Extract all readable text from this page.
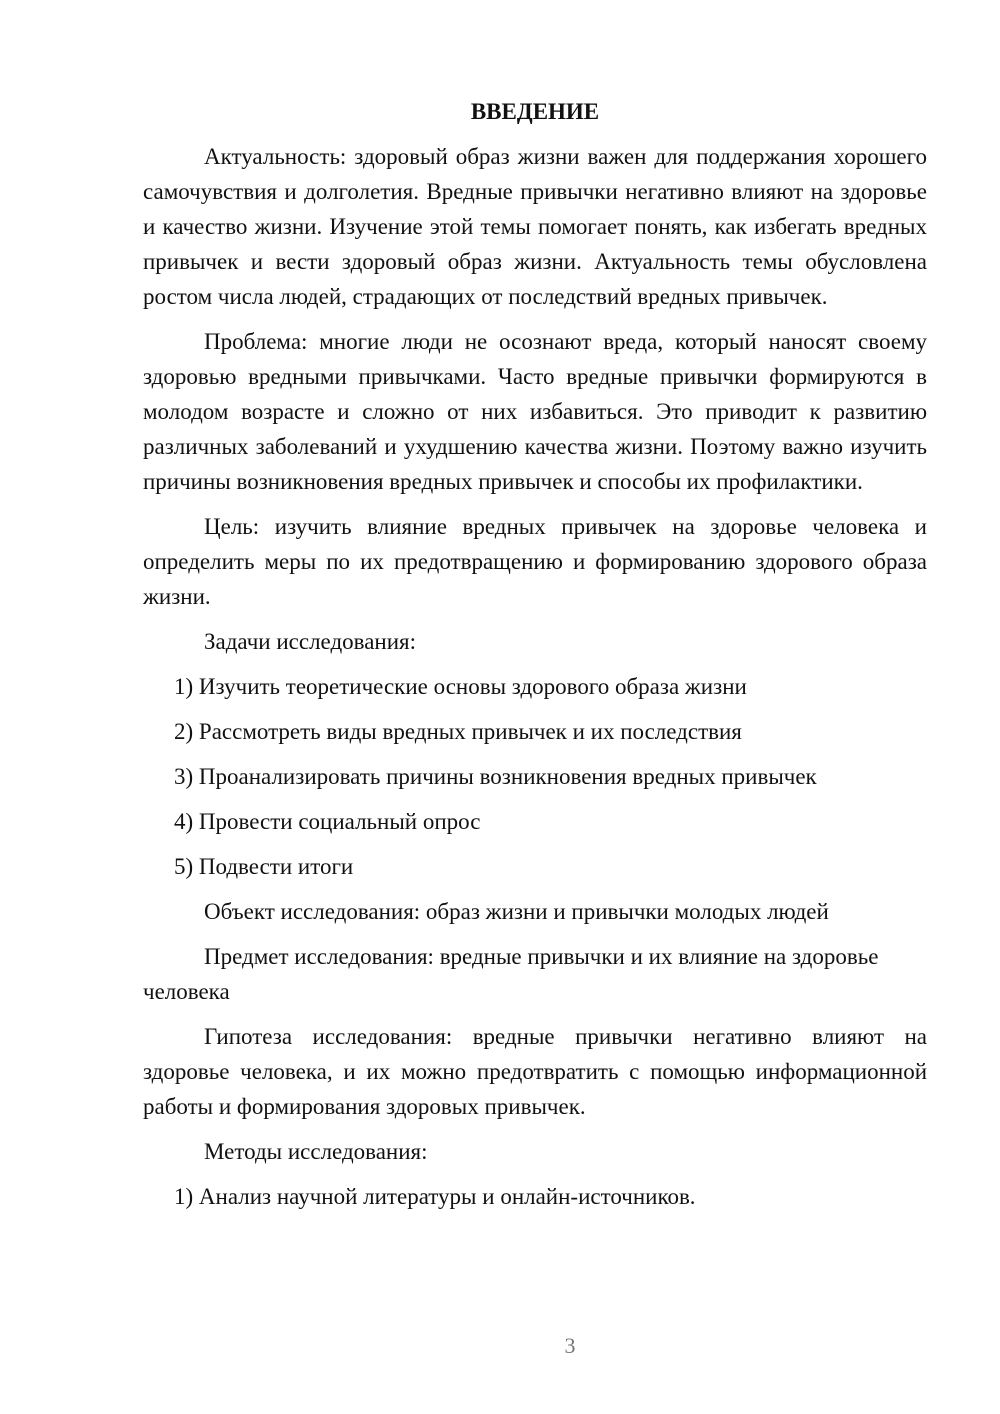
ВВЕДЕНИЕ

Актуальность: здоровый образ жизни важен для поддержания хорошего самочувствия и долголетия. Вредные привычки негативно влияют на здоровье и качество жизни. Изучение этой темы помогает понять, как избегать вредных привычек и вести здоровый образ жизни. Актуальность темы обусловлена ростом числа людей, страдающих от последствий вредных привычек.

Проблема: многие люди не осознают вреда, который наносят своему здоровью вредными привычками. Часто вредные привычки формируются в молодом возрасте и сложно от них избавиться. Это приводит к развитию различных заболеваний и ухудшению качества жизни. Поэтому важно изучить причины возникновения вредных привычек и способы их профилактики.

Цель: изучить влияние вредных привычек на здоровье человека и определить меры по их предотвращению и формированию здорового образа жизни.

Задачи исследования:

1) Изучить теоретические основы здорового образа жизни

2) Рассмотреть виды вредных привычек и их последствия

3) Проанализировать причины возникновения вредных привычек

4) Провести социальный опрос

5) Подвести итоги

Объект исследования: образ жизни и привычки молодых людей

Предмет исследования: вредные привычки и их влияние на здоровье человека

Гипотеза исследования: вредные привычки негативно влияют на здоровье человека, и их можно предотвратить с помощью информационной работы и формирования здоровых привычек.

Методы исследования:

1) Анализ научной литературы и онлайн-источников.

3
